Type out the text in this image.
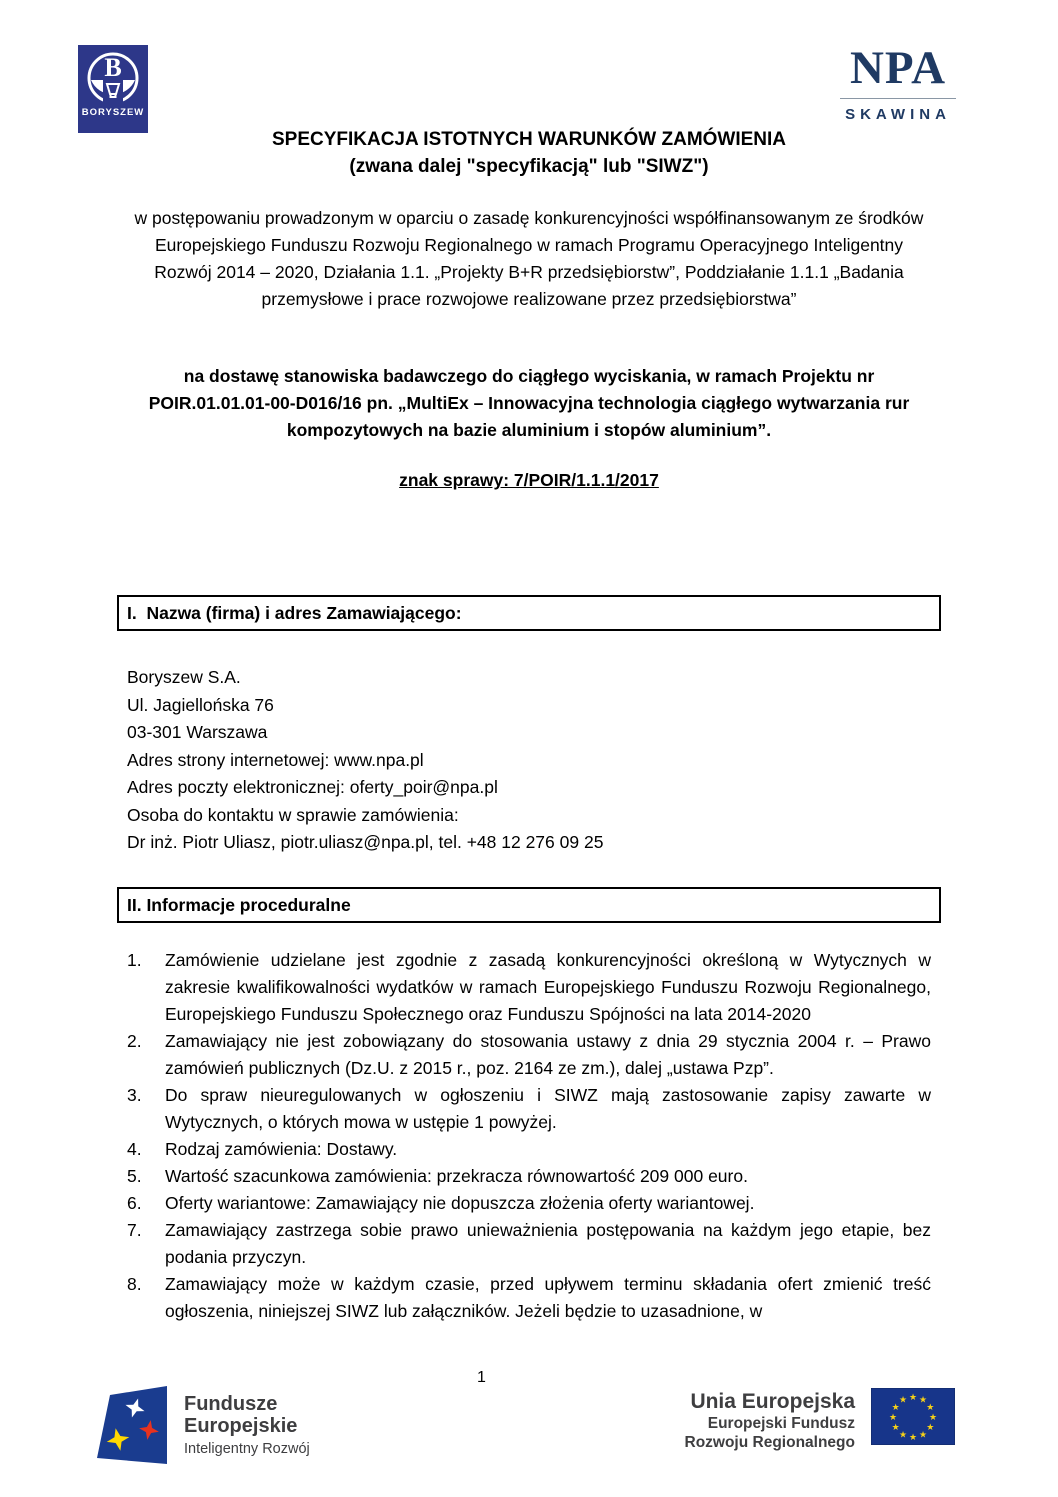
B
BORYSZEW
NPA
SKAWINA
SPECYFIKACJA ISTOTNYCH WARUNKÓW ZAMÓWIENIA
(zwana dalej "specyfikacją" lub "SIWZ")
w postępowaniu prowadzonym w oparciu o zasadę konkurencyjności współfinansowanym ze środków Europejskiego Funduszu Rozwoju Regionalnego w ramach Programu Operacyjnego Inteligentny Rozwój 2014 – 2020, Działania 1.1. „Projekty B+R przedsiębiorstw”, Poddziałanie 1.1.1 „Badania przemysłowe i prace rozwojowe realizowane przez przedsiębiorstwa”
na dostawę stanowiska badawczego do ciągłego wyciskania, w ramach Projektu nr  POIR.01.01.01-00-D016/16 pn. „MultiEx – Innowacyjna technologia ciągłego wytwarzania rur kompozytowych na bazie aluminium i stopów aluminium”.
znak sprawy: 7/POIR/1.1.1/2017
I.  Nazwa (firma) i adres Zamawiającego:
Boryszew S.A.
Ul. Jagiellońska 76
03-301 Warszawa
Adres strony internetowej: www.npa.pl
Adres poczty elektronicznej: oferty_poir@npa.pl
Osoba do kontaktu w sprawie zamówienia:
Dr inż. Piotr Uliasz, piotr.uliasz@npa.pl, tel. +48 12 276 09 25
II. Informacje proceduralne
1.	Zamówienie udzielane jest zgodnie z zasadą konkurencyjności określoną w Wytycznych w zakresie kwalifikowalności wydatków w ramach Europejskiego Funduszu Rozwoju Regionalnego, Europejskiego Funduszu Społecznego oraz Funduszu Spójności na lata 2014-2020
2.	Zamawiający nie jest zobowiązany do stosowania ustawy z dnia 29 stycznia 2004 r. – Prawo zamówień publicznych (Dz.U. z 2015 r., poz. 2164 ze zm.), dalej „ustawa Pzp”.
3.	Do spraw nieuregulowanych w ogłoszeniu i SIWZ mają zastosowanie zapisy zawarte w Wytycznych, o których mowa w ustępie 1 powyżej.
4.	Rodzaj zamówienia: Dostawy.
5.	Wartość szacunkowa zamówienia: przekracza równowartość 209 000 euro.
6.	Oferty wariantowe: Zamawiający nie dopuszcza złożenia oferty wariantowej.
7.	Zamawiający zastrzega sobie prawo unieważnienia postępowania na każdym jego etapie, bez podania przyczyn.
8.	Zamawiający może w każdym czasie, przed upływem terminu składania ofert zmienić treść ogłoszenia, niniejszej SIWZ lub załączników. Jeżeli będzie to uzasadnione, w
1
Fundusze
Europejskie
Inteligentny Rozwój
Unia Europejska
Europejski Fundusz
Rozwoju Regionalnego
★ ★
★
★
★
★
★
★
★
★
★
★
